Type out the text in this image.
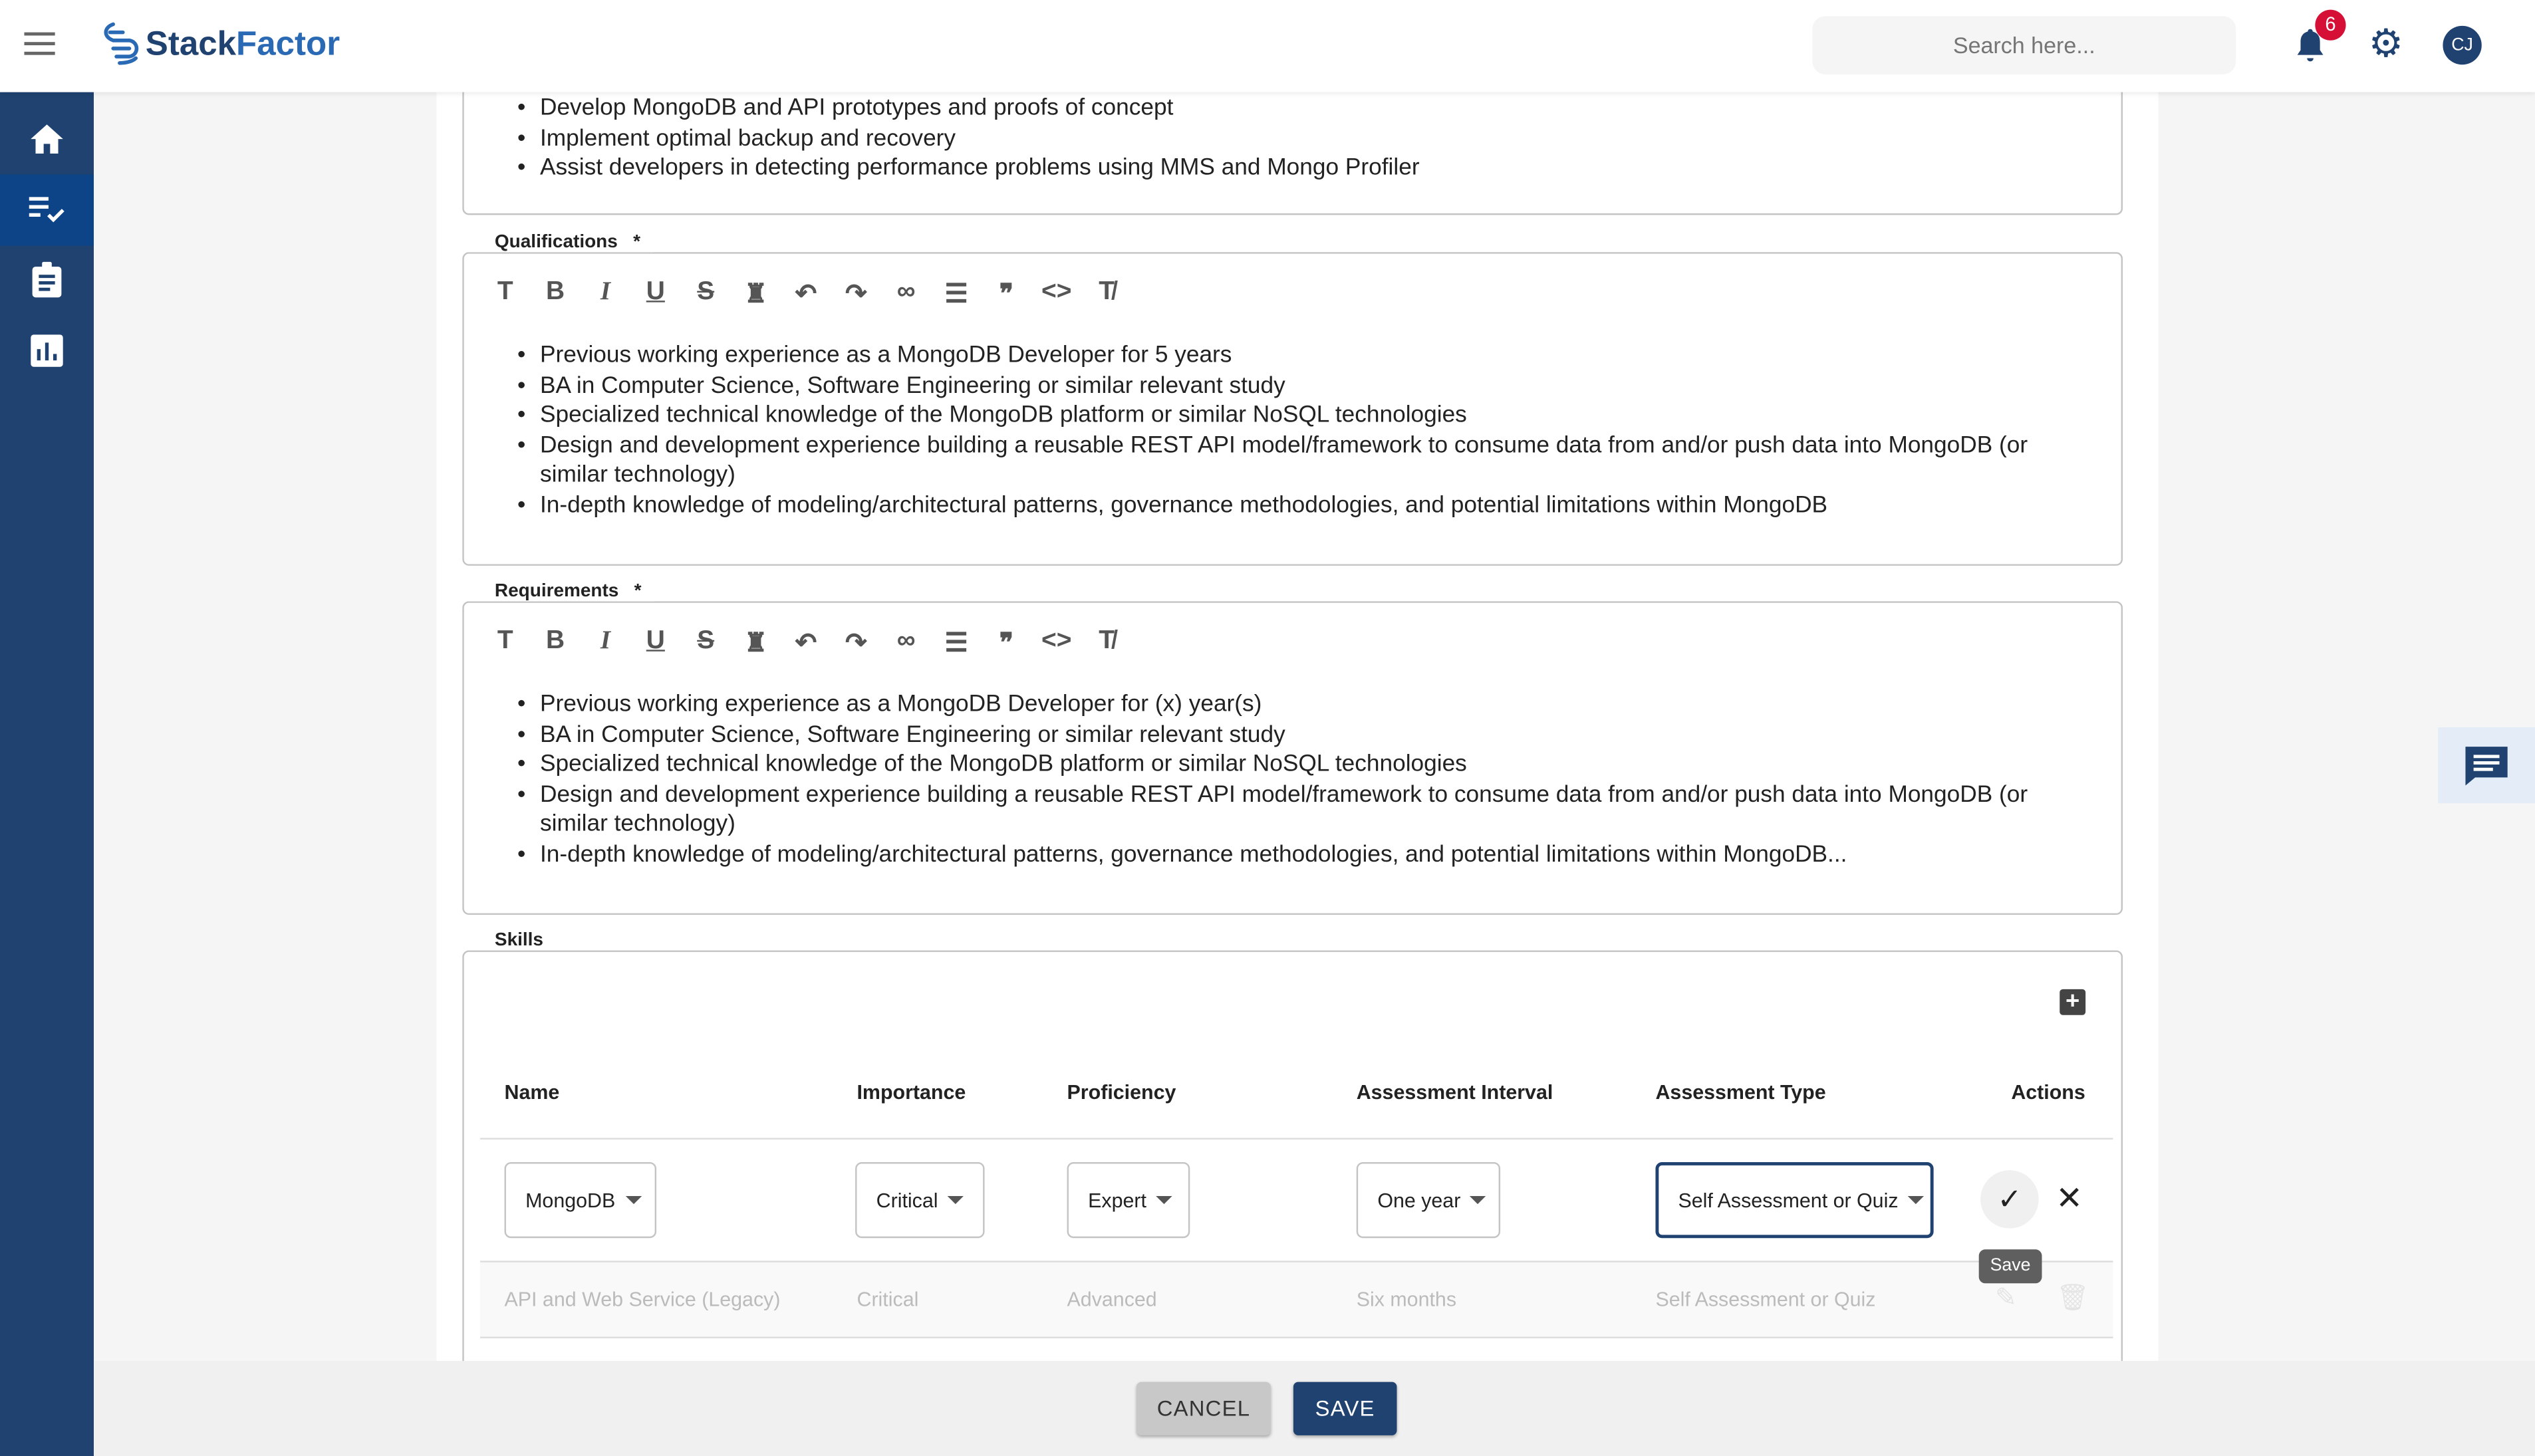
Stack Factor
Search here...
6	⚙	CJ
• Develop MongoDB and API prototypes and proofs of concept
• Implement optimal backup and recovery
• Assist developers in detecting performance problems using MMS and Mongo Profiler
Qualifications *
T	B	I	U	S	♜	↶	↷	∞	☰	❞	<>	T̸
• Previous working experience as a MongoDB Developer for 5 years
• BA in Computer Science, Software Engineering or similar relevant study
• Specialized technical knowledge of the MongoDB platform or similar NoSQL technologies
• Design and development experience building a reusable REST API model/framework to consume data from and/or push data into MongoDB (or similar technology)
• In-depth knowledge of modeling/architectural patterns, governance methodologies, and potential limitations within MongoDB
Requirements *
T	B	I	U	S	♜	↶	↷	∞	☰	❞	<>	T̸
• Previous working experience as a MongoDB Developer for (x) year(s)
• BA in Computer Science, Software Engineering or similar relevant study
• Specialized technical knowledge of the MongoDB platform or similar NoSQL technologies
• Design and development experience building a reusable REST API model/framework to consume data from and/or push data into MongoDB (or similar technology)
• In-depth knowledge of modeling/architectural patterns, governance methodologies, and potential limitations within MongoDB...
Skills
+
Name	Importance	Proficiency	Assessment Interval	Assessment Type	Actions
MongoDB	Critical	Expert	One year	Self Assessment or Quiz	✓	✕
Save
API and Web Service (Legacy)	Critical	Advanced	Six months	Self Assessment or Quiz	✎	🗑
CANCEL	SAVE
